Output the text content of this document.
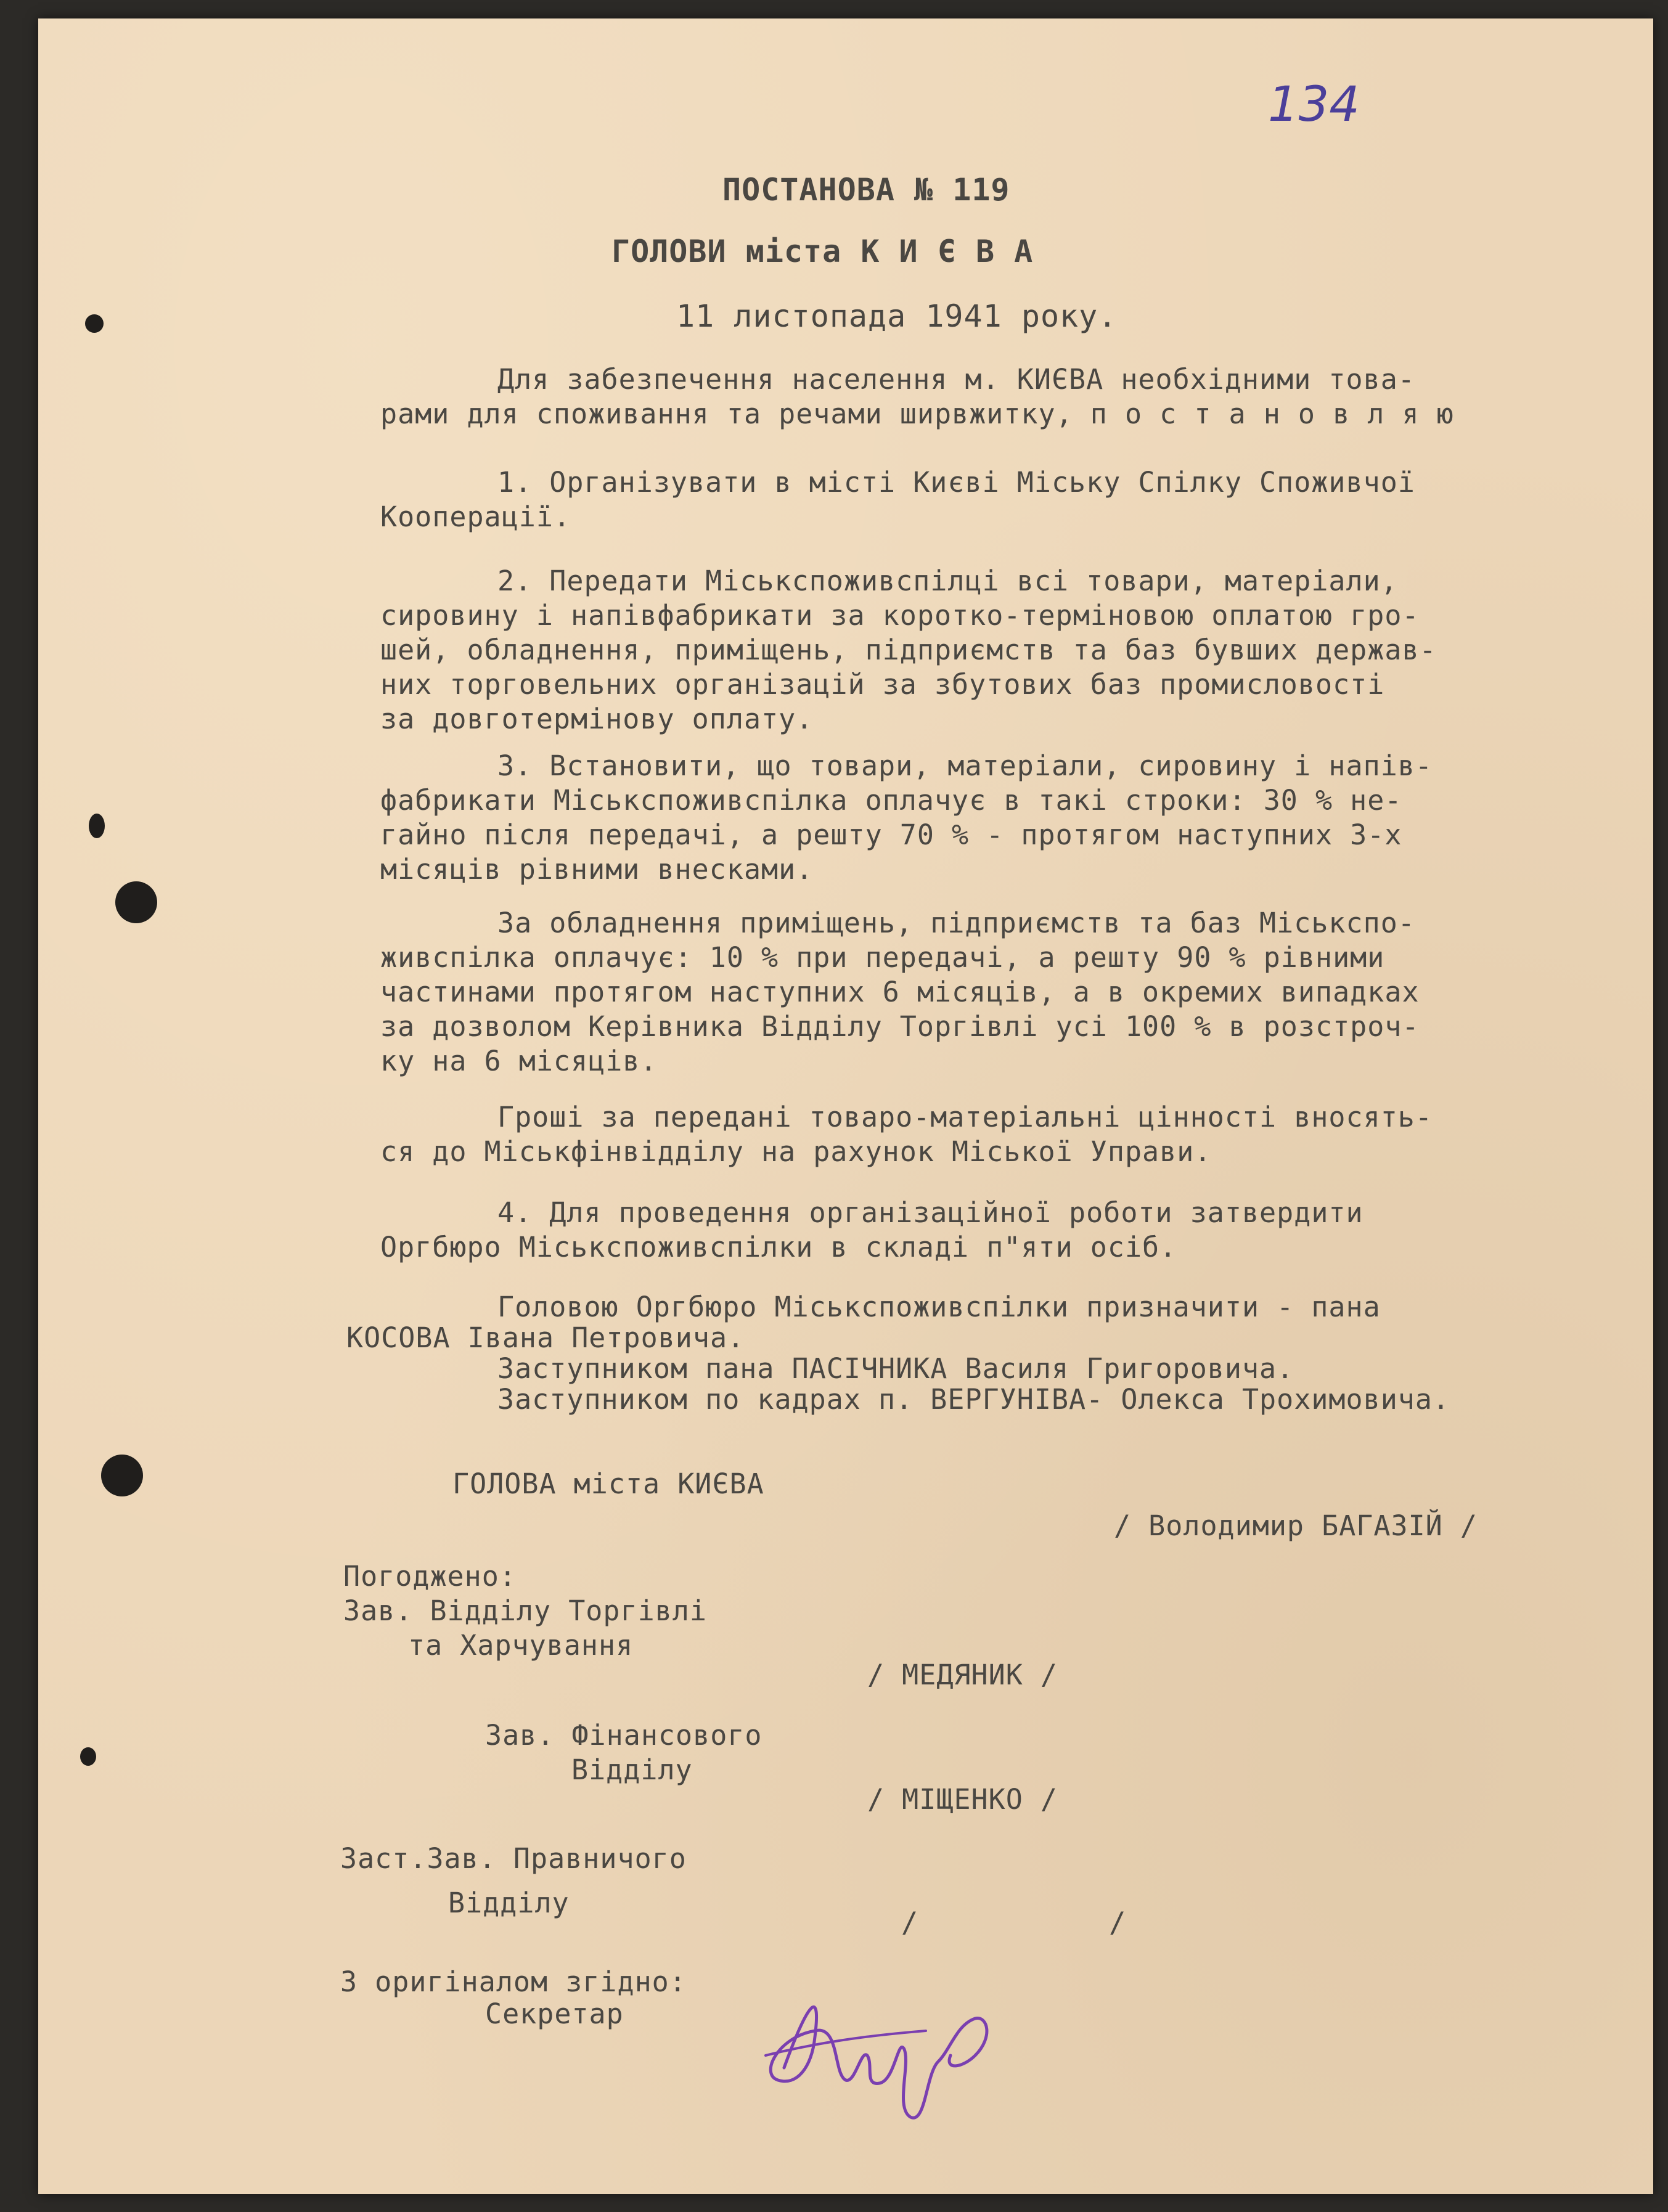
134
ПОСТАНОВА № 119
ГОЛОВИ міста К И Є В А
11 листопада 1941 року.
Для забезпечення населення м. КИЄВА необхідними това-
рами для споживання та речами ширвжитку, п о с т а н о в л я ю
1. Організувати в місті Києві Міську Спілку Споживчої
Кооперації.
2. Передати Міськспоживспілці всі товари, матеріали,
сировину і напівфабрикати за коротко-терміновою оплатою гро-
шей, обладнення, приміщень, підприємств та баз бувших держав-
них торговельних організацій за збутових баз промисловості
за довготермінову оплату.
3. Встановити, що товари, матеріали, сировину і напів-
фабрикати Міськспоживспілка оплачує в такі строки: 30 % не-
гайно після передачі, а решту 70 % - протягом наступних 3-х
місяців рівними внесками.
За обладнення приміщень, підприємств та баз Міськспо-
живспілка оплачує: 10 % при передачі, а решту 90 % рівними
частинами протягом наступних 6 місяців, а в окремих випадках
за дозволом Керівника Відділу Торгівлі усі 100 % в розстроч-
ку на 6 місяців.
Гроші за передані товаро-матеріальні цінності вносять-
ся до Міськфінвідділу на рахунок Міської Управи.
4. Для проведення організаційної роботи затвердити
Оргбюро Міськспоживспілки в складі п"яти осіб.
Головою Оргбюро Міськспоживспілки призначити - пана
КОСОВА Івана Петровича.
Заступником пана ПАСІЧНИКА Василя Григоровича.
Заступником по кадрах п. ВЕРГУНІВА- Олекса Трохимовича.
ГОЛОВА міста КИЄВА
/ Володимир БАГАЗІЙ /
Погоджено:
Зав. Відділу Торгівлі
та Харчування
/ МЕДЯНИК /
Зав. Фінансового
Відділу
/ МІЩЕНКО /
Заст.Зав. Правничого
Відділу
/           /
З оригіналом згідно:
Секретар
